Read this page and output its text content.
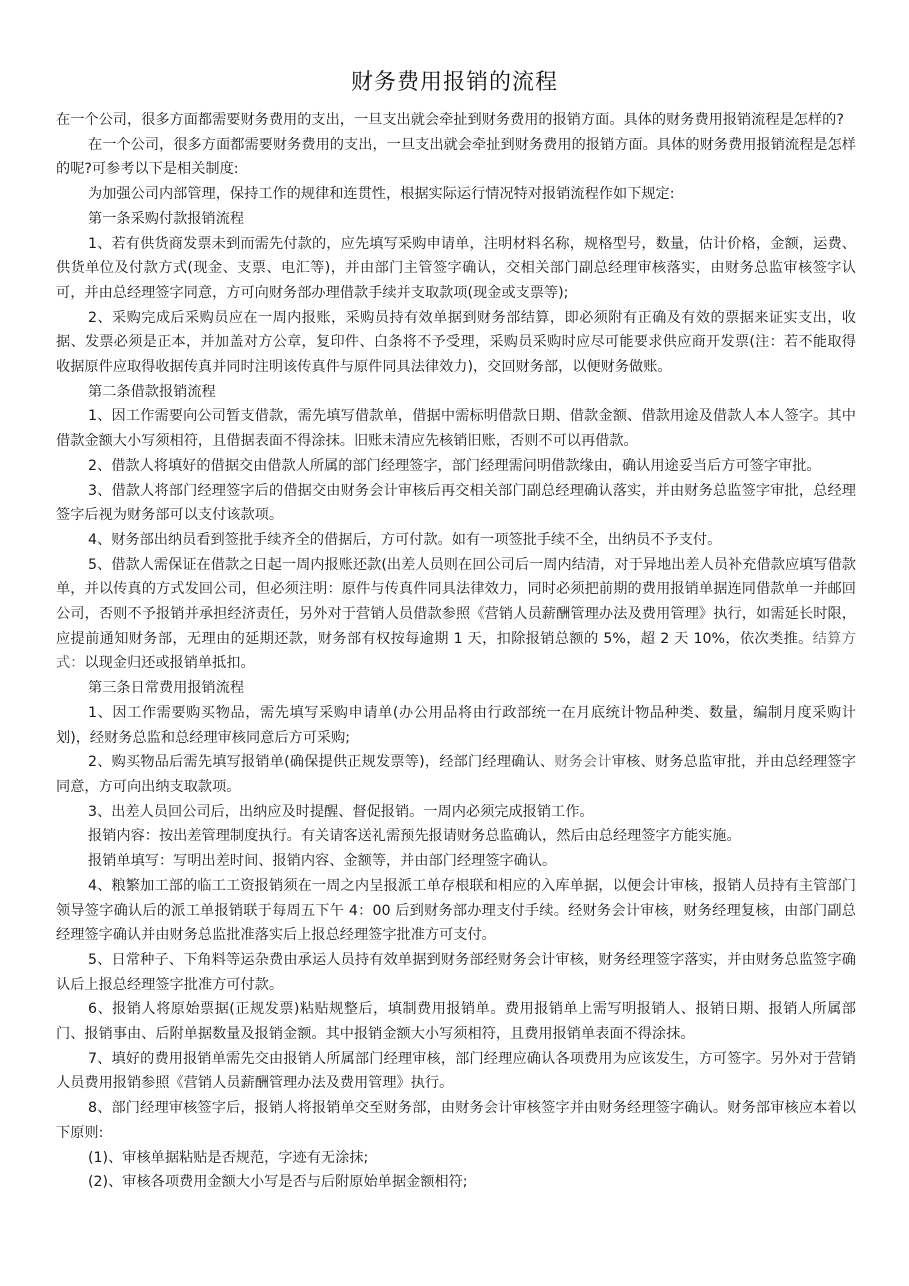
财务费用报销的流程

在一个公司，很多方面都需要财务费用的支出，一旦支出就会牵扯到财务费用的报销方面。具体的财务费用报销流程是怎样的?

在一个公司，很多方面都需要财务费用的支出，一旦支出就会牵扯到财务费用的报销方面。具体的财务费用报销流程是怎样的呢?可参考以下是相关制度:

为加强公司内部管理，保持工作的规律和连贯性，根据实际运行情况特对报销流程作如下规定:

第一条采购付款报销流程

1、若有供货商发票未到而需先付款的，应先填写采购申请单，注明材料名称，规格型号，数量，估计价格，金额，运费、供货单位及付款方式(现金、支票、电汇等)，并由部门主管签字确认，交相关部门副总经理审核落实，由财务总监审核签字认可，并由总经理签字同意，方可向财务部办理借款手续并支取款项(现金或支票等);

2、采购完成后采购员应在一周内报账，采购员持有效单据到财务部结算，即必须附有正确及有效的票据来证实支出，收据、发票必须是正本，并加盖对方公章，复印件、白条将不予受理，采购员采购时应尽可能要求供应商开发票(注：若不能取得收据原件应取得收据传真并同时注明该传真件与原件同具法律效力)，交回财务部，以便财务做账。

第二条借款报销流程

1、因工作需要向公司暂支借款，需先填写借款单，借据中需标明借款日期、借款金额、借款用途及借款人本人签字。其中借款金额大小写须相符，且借据表面不得涂抹。旧账未清应先核销旧账，否则不可以再借款。

2、借款人将填好的借据交由借款人所属的部门经理签字，部门经理需问明借款缘由，确认用途妥当后方可签字审批。

3、借款人将部门经理签字后的借据交由财务会计审核后再交相关部门副总经理确认落实，并由财务总监签字审批，总经理签字后视为财务部可以支付该款项。

4、财务部出纳员看到签批手续齐全的借据后，方可付款。如有一项签批手续不全，出纳员不予支付。

5、借款人需保证在借款之日起一周内报账还款(出差人员则在回公司后一周内结清，对于异地出差人员补充借款应填写借款单，并以传真的方式发回公司，但必须注明：原件与传真件同具法律效力，同时必须把前期的费用报销单据连同借款单一并邮回公司，否则不予报销并承担经济责任，另外对于营销人员借款参照《营销人员薪酬管理办法及费用管理》执行，如需延长时限，应提前通知财务部，无理由的延期还款，财务部有权按每逾期 1 天，扣除报销总额的 5%，超 2 天 10%，依次类推。结算方式：以现金归还或报销单抵扣。

第三条日常费用报销流程

1、因工作需要购买物品，需先填写采购申请单(办公用品将由行政部统一在月底统计物品种类、数量，编制月度采购计划)，经财务总监和总经理审核同意后方可采购;

2、购买物品后需先填写报销单(确保提供正规发票等)，经部门经理确认、财务会计审核、财务总监审批，并由总经理签字同意，方可向出纳支取款项。

3、出差人员回公司后，出纳应及时提醒、督促报销。一周内必须完成报销工作。

报销内容：按出差管理制度执行。有关请客送礼需预先报请财务总监确认，然后由总经理签字方能实施。

报销单填写：写明出差时间、报销内容、金额等，并由部门经理签字确认。

4、粮繁加工部的临工工资报销须在一周之内呈报派工单存根联和相应的入库单据，以便会计审核，报销人员持有主管部门领导签字确认后的派工单报销联于每周五下午 4：00 后到财务部办理支付手续。经财务会计审核，财务经理复核，由部门副总经理签字确认并由财务总监批准落实后上报总经理签字批准方可支付。

5、日常种子、下角料等运杂费由承运人员持有效单据到财务部经财务会计审核，财务经理签字落实，并由财务总监签字确认后上报总经理签字批准方可付款。

6、报销人将原始票据(正规发票)粘贴规整后，填制费用报销单。费用报销单上需写明报销人、报销日期、报销人所属部门、报销事由、后附单据数量及报销金额。其中报销金额大小写须相符，且费用报销单表面不得涂抹。

7、填好的费用报销单需先交由报销人所属部门经理审核，部门经理应确认各项费用为应该发生，方可签字。另外对于营销人员费用报销参照《营销人员薪酬管理办法及费用管理》执行。

8、部门经理审核签字后，报销人将报销单交至财务部，由财务会计审核签字并由财务经理签字确认。财务部审核应本着以下原则:

(1)、审核单据粘贴是否规范，字迹有无涂抹;

(2)、审核各项费用金额大小写是否与后附原始单据金额相符;
